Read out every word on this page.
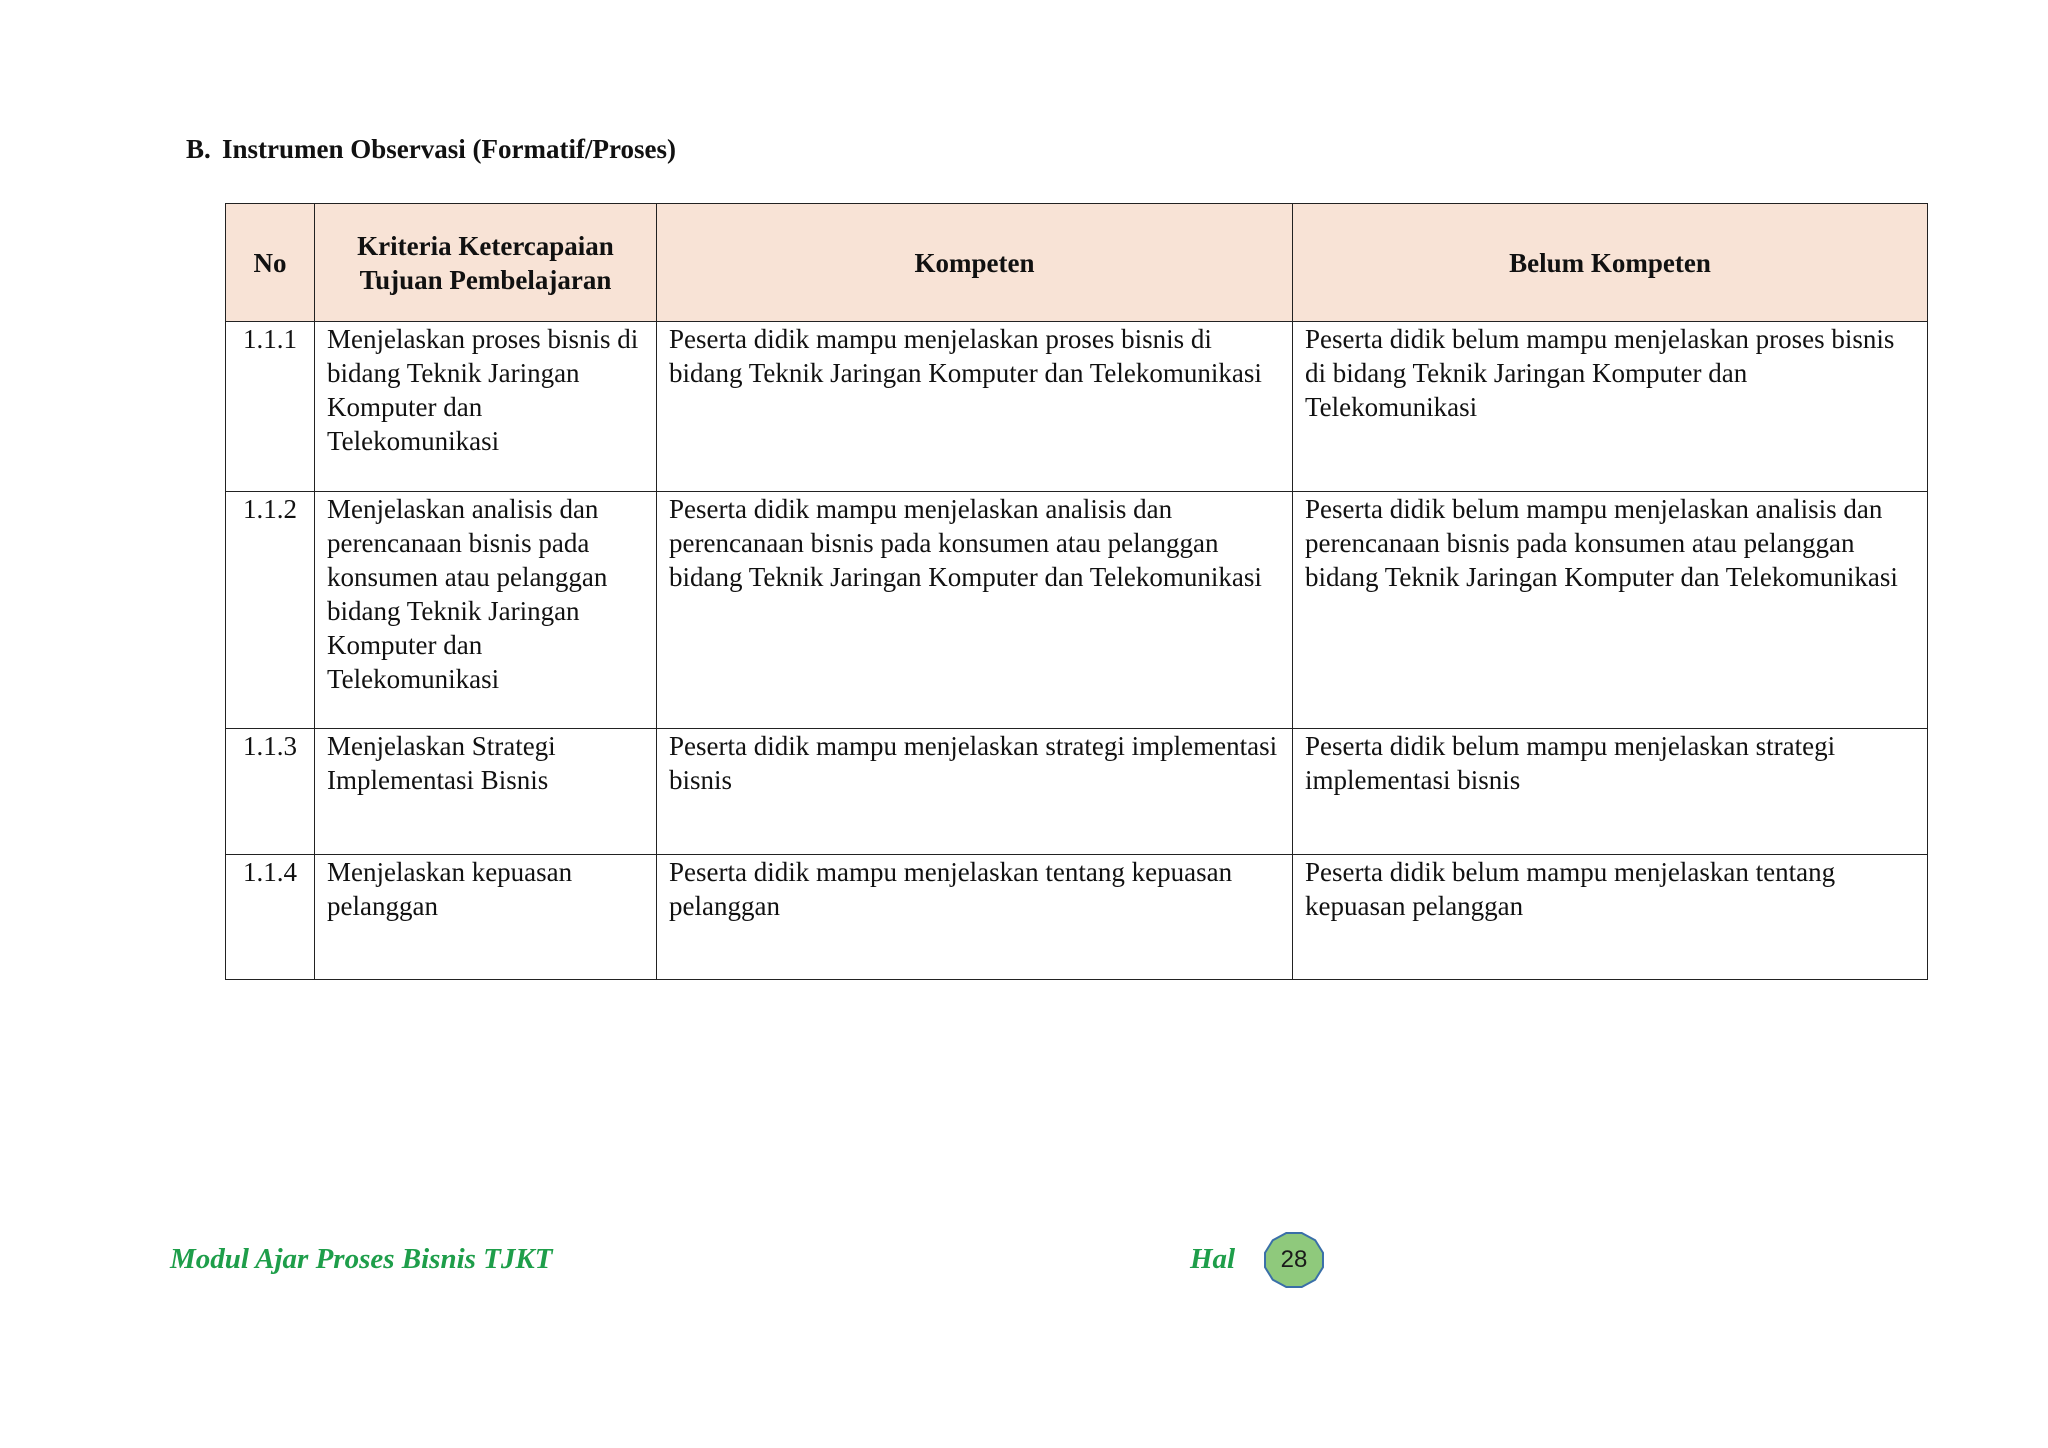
B. Instrumen Observasi (Formatif/Proses)
No	Kriteria Ketercapaian Tujuan Pembelajaran	Kompeten	Belum Kompeten
1.1.1	Menjelaskan proses bisnis di bidang Teknik Jaringan Komputer dan Telekomunikasi	Peserta didik mampu menjelaskan proses bisnis di bidang Teknik Jaringan Komputer dan Telekomunikasi	Peserta didik belum mampu menjelaskan proses bisnis di bidang Teknik Jaringan Komputer dan Telekomunikasi
1.1.2	Menjelaskan analisis dan perencanaan bisnis pada konsumen atau pelanggan bidang Teknik Jaringan Komputer dan Telekomunikasi	Peserta didik mampu menjelaskan analisis dan perencanaan bisnis pada konsumen atau pelanggan bidang Teknik Jaringan Komputer dan Telekomunikasi	Peserta didik belum mampu menjelaskan analisis dan perencanaan bisnis pada konsumen atau pelanggan bidang Teknik Jaringan Komputer dan Telekomunikasi
1.1.3	Menjelaskan Strategi Implementasi Bisnis	Peserta didik mampu menjelaskan strategi implementasi bisnis	Peserta didik belum mampu menjelaskan strategi implementasi bisnis
1.1.4	Menjelaskan kepuasan pelanggan	Peserta didik mampu menjelaskan tentang kepuasan pelanggan	Peserta didik belum mampu menjelaskan tentang kepuasan pelanggan
Modul Ajar Proses Bisnis TJKT	Hal	28
